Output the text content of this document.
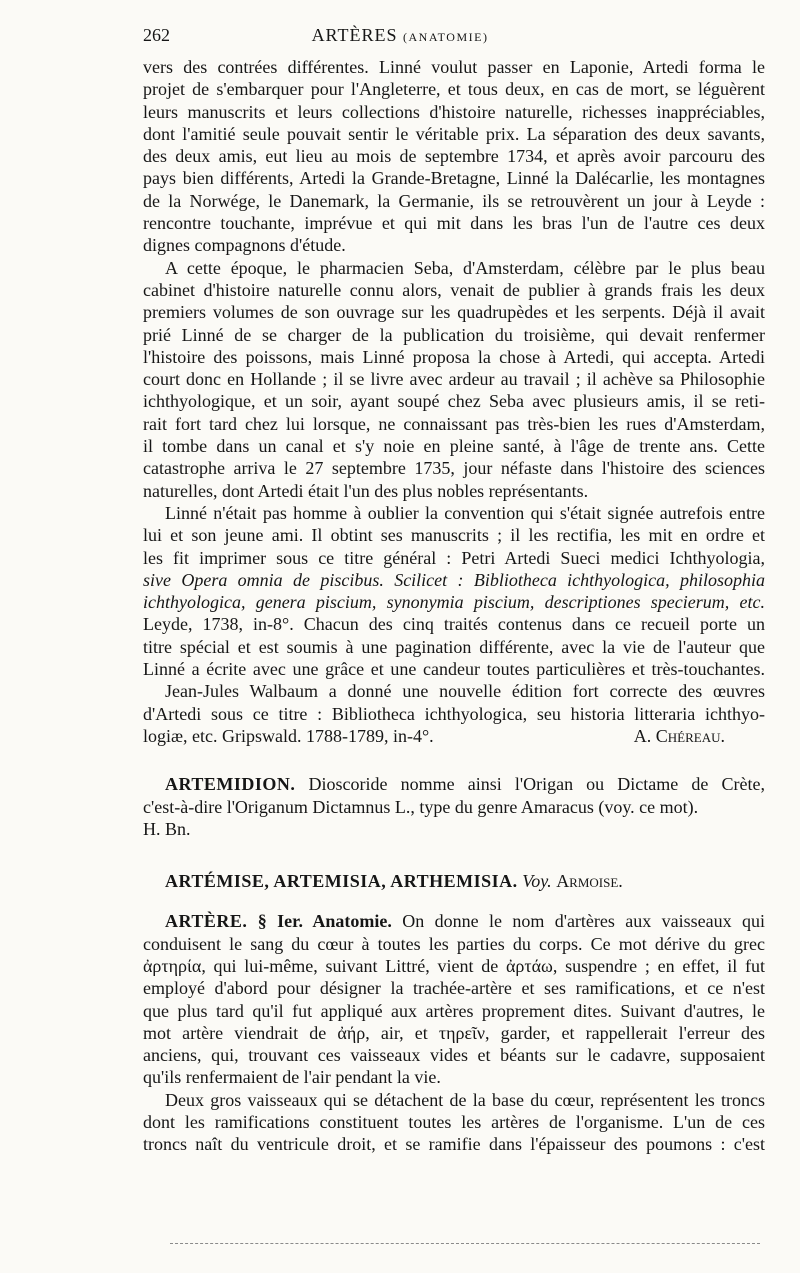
262	ARTÈRES (ANATOMIE)

vers des contrées différentes. Linné voulut passer en Laponie, Artedi forma le
projet de s'embarquer pour l'Angleterre, et tous deux, en cas de mort, se léguèrent
leurs manuscrits et leurs collections d'histoire naturelle, richesses inappréciables,
dont l'amitié seule pouvait sentir le véritable prix. La séparation des deux savants,
des deux amis, eut lieu au mois de septembre 1734, et après avoir parcouru des
pays bien différents, Artedi la Grande-Bretagne, Linné la Dalécarlie, les montagnes
de la Norwége, le Danemark, la Germanie, ils se retrouvèrent un jour à Leyde :
rencontre touchante, imprévue et qui mit dans les bras l'un de l'autre ces deux
dignes compagnons d'étude.

A cette époque, le pharmacien Seba, d'Amsterdam, célèbre par le plus beau
cabinet d'histoire naturelle connu alors, venait de publier à grands frais les deux
premiers volumes de son ouvrage sur les quadrupèdes et les serpents. Déjà il avait
prié Linné de se charger de la publication du troisième, qui devait renfermer
l'histoire des poissons, mais Linné proposa la chose à Artedi, qui accepta. Artedi
court donc en Hollande ; il se livre avec ardeur au travail ; il achève sa Philosophie
ichthyologique, et un soir, ayant soupé chez Seba avec plusieurs amis, il se reti-
rait fort tard chez lui lorsque, ne connaissant pas très-bien les rues d'Amsterdam,
il tombe dans un canal et s'y noie en pleine santé, à l'âge de trente ans. Cette
catastrophe arriva le 27 septembre 1735, jour néfaste dans l'histoire des sciences
naturelles, dont Artedi était l'un des plus nobles représentants.

Linné n'était pas homme à oublier la convention qui s'était signée autrefois entre
lui et son jeune ami. Il obtint ses manuscrits ; il les rectifia, les mit en ordre et
les fit imprimer sous ce titre général : Petri Artedi Sueci medici Ichthyologia,
sive Opera omnia de piscibus. Scilicet : Bibliotheca ichthyologica, philosophia
ichthyologica, genera piscium, synonymia piscium, descriptiones specierum, etc.
Leyde, 1738, in-8°. Chacun des cinq traités contenus dans ce recueil porte un
titre spécial et est soumis à une pagination différente, avec la vie de l'auteur que
Linné a écrite avec une grâce et une candeur toutes particulières et très-touchantes.

Jean-Jules Walbaum a donné une nouvelle édition fort correcte des œuvres
d'Artedi sous ce titre : Bibliotheca ichthyologica, seu historia litteraria ichthyo-
logiæ, etc. Gripswald. 1788-1789, in-4°.	A. Chéreau.

ARTEMIDION. Dioscoride nomme ainsi l'Origan ou Dictame de Crète,
c'est-à-dire l'Origanum Dictamnus L., type du genre Amaracus (voy. ce mot).
H. Bn.

ARTÉMISE, ARTEMISIA, ARTHEMISIA. Voy. Armoise.

ARTÈRE. § Ier. Anatomie. On donne le nom d'artères aux vaisseaux qui
conduisent le sang du cœur à toutes les parties du corps. Ce mot dérive du grec
ἀρτηρία, qui lui-même, suivant Littré, vient de ἀρτάω, suspendre ; en effet, il fut
employé d'abord pour désigner la trachée-artère et ses ramifications, et ce n'est
que plus tard qu'il fut appliqué aux artères proprement dites. Suivant d'autres, le
mot artère viendrait de ἀήρ, air, et τηρεῖν, garder, et rappellerait l'erreur des
anciens, qui, trouvant ces vaisseaux vides et béants sur le cadavre, supposaient
qu'ils renfermaient de l'air pendant la vie.

Deux gros vaisseaux qui se détachent de la base du cœur, représentent les troncs
dont les ramifications constituent toutes les artères de l'organisme. L'un de ces
troncs naît du ventricule droit, et se ramifie dans l'épaisseur des poumons : c'est
